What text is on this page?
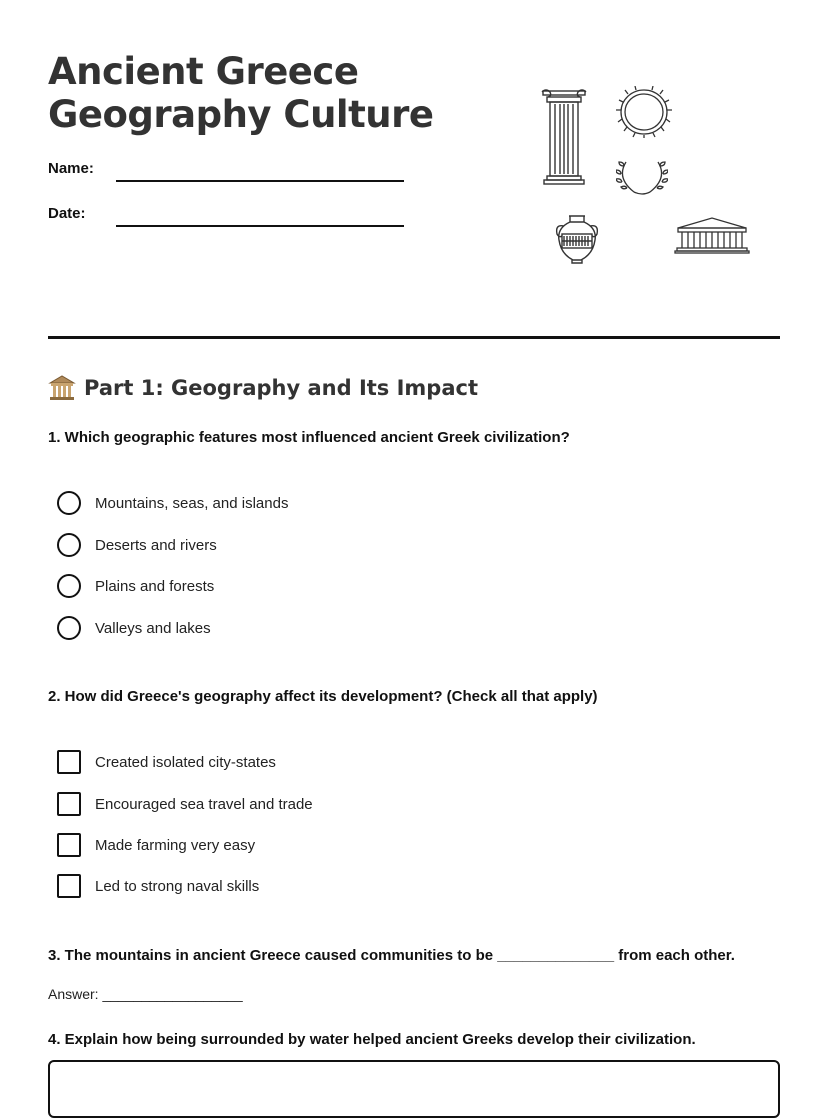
Ancient Greece
Geography Culture
Name:
Date:
Part 1: Geography and Its Impact
1. Which geographic features most influenced ancient Greek civilization?
Mountains, seas, and islands
Deserts and rivers
Plains and forests
Valleys and lakes
2. How did Greece's geography affect its development? (Check all that apply)
Created isolated city-states
Encouraged sea travel and trade
Made farming very easy
Led to strong naval skills
3. The mountains in ancient Greece caused communities to be ______________ from each other.
Answer: __________________
4. Explain how being surrounded by water helped ancient Greeks develop their civilization.
